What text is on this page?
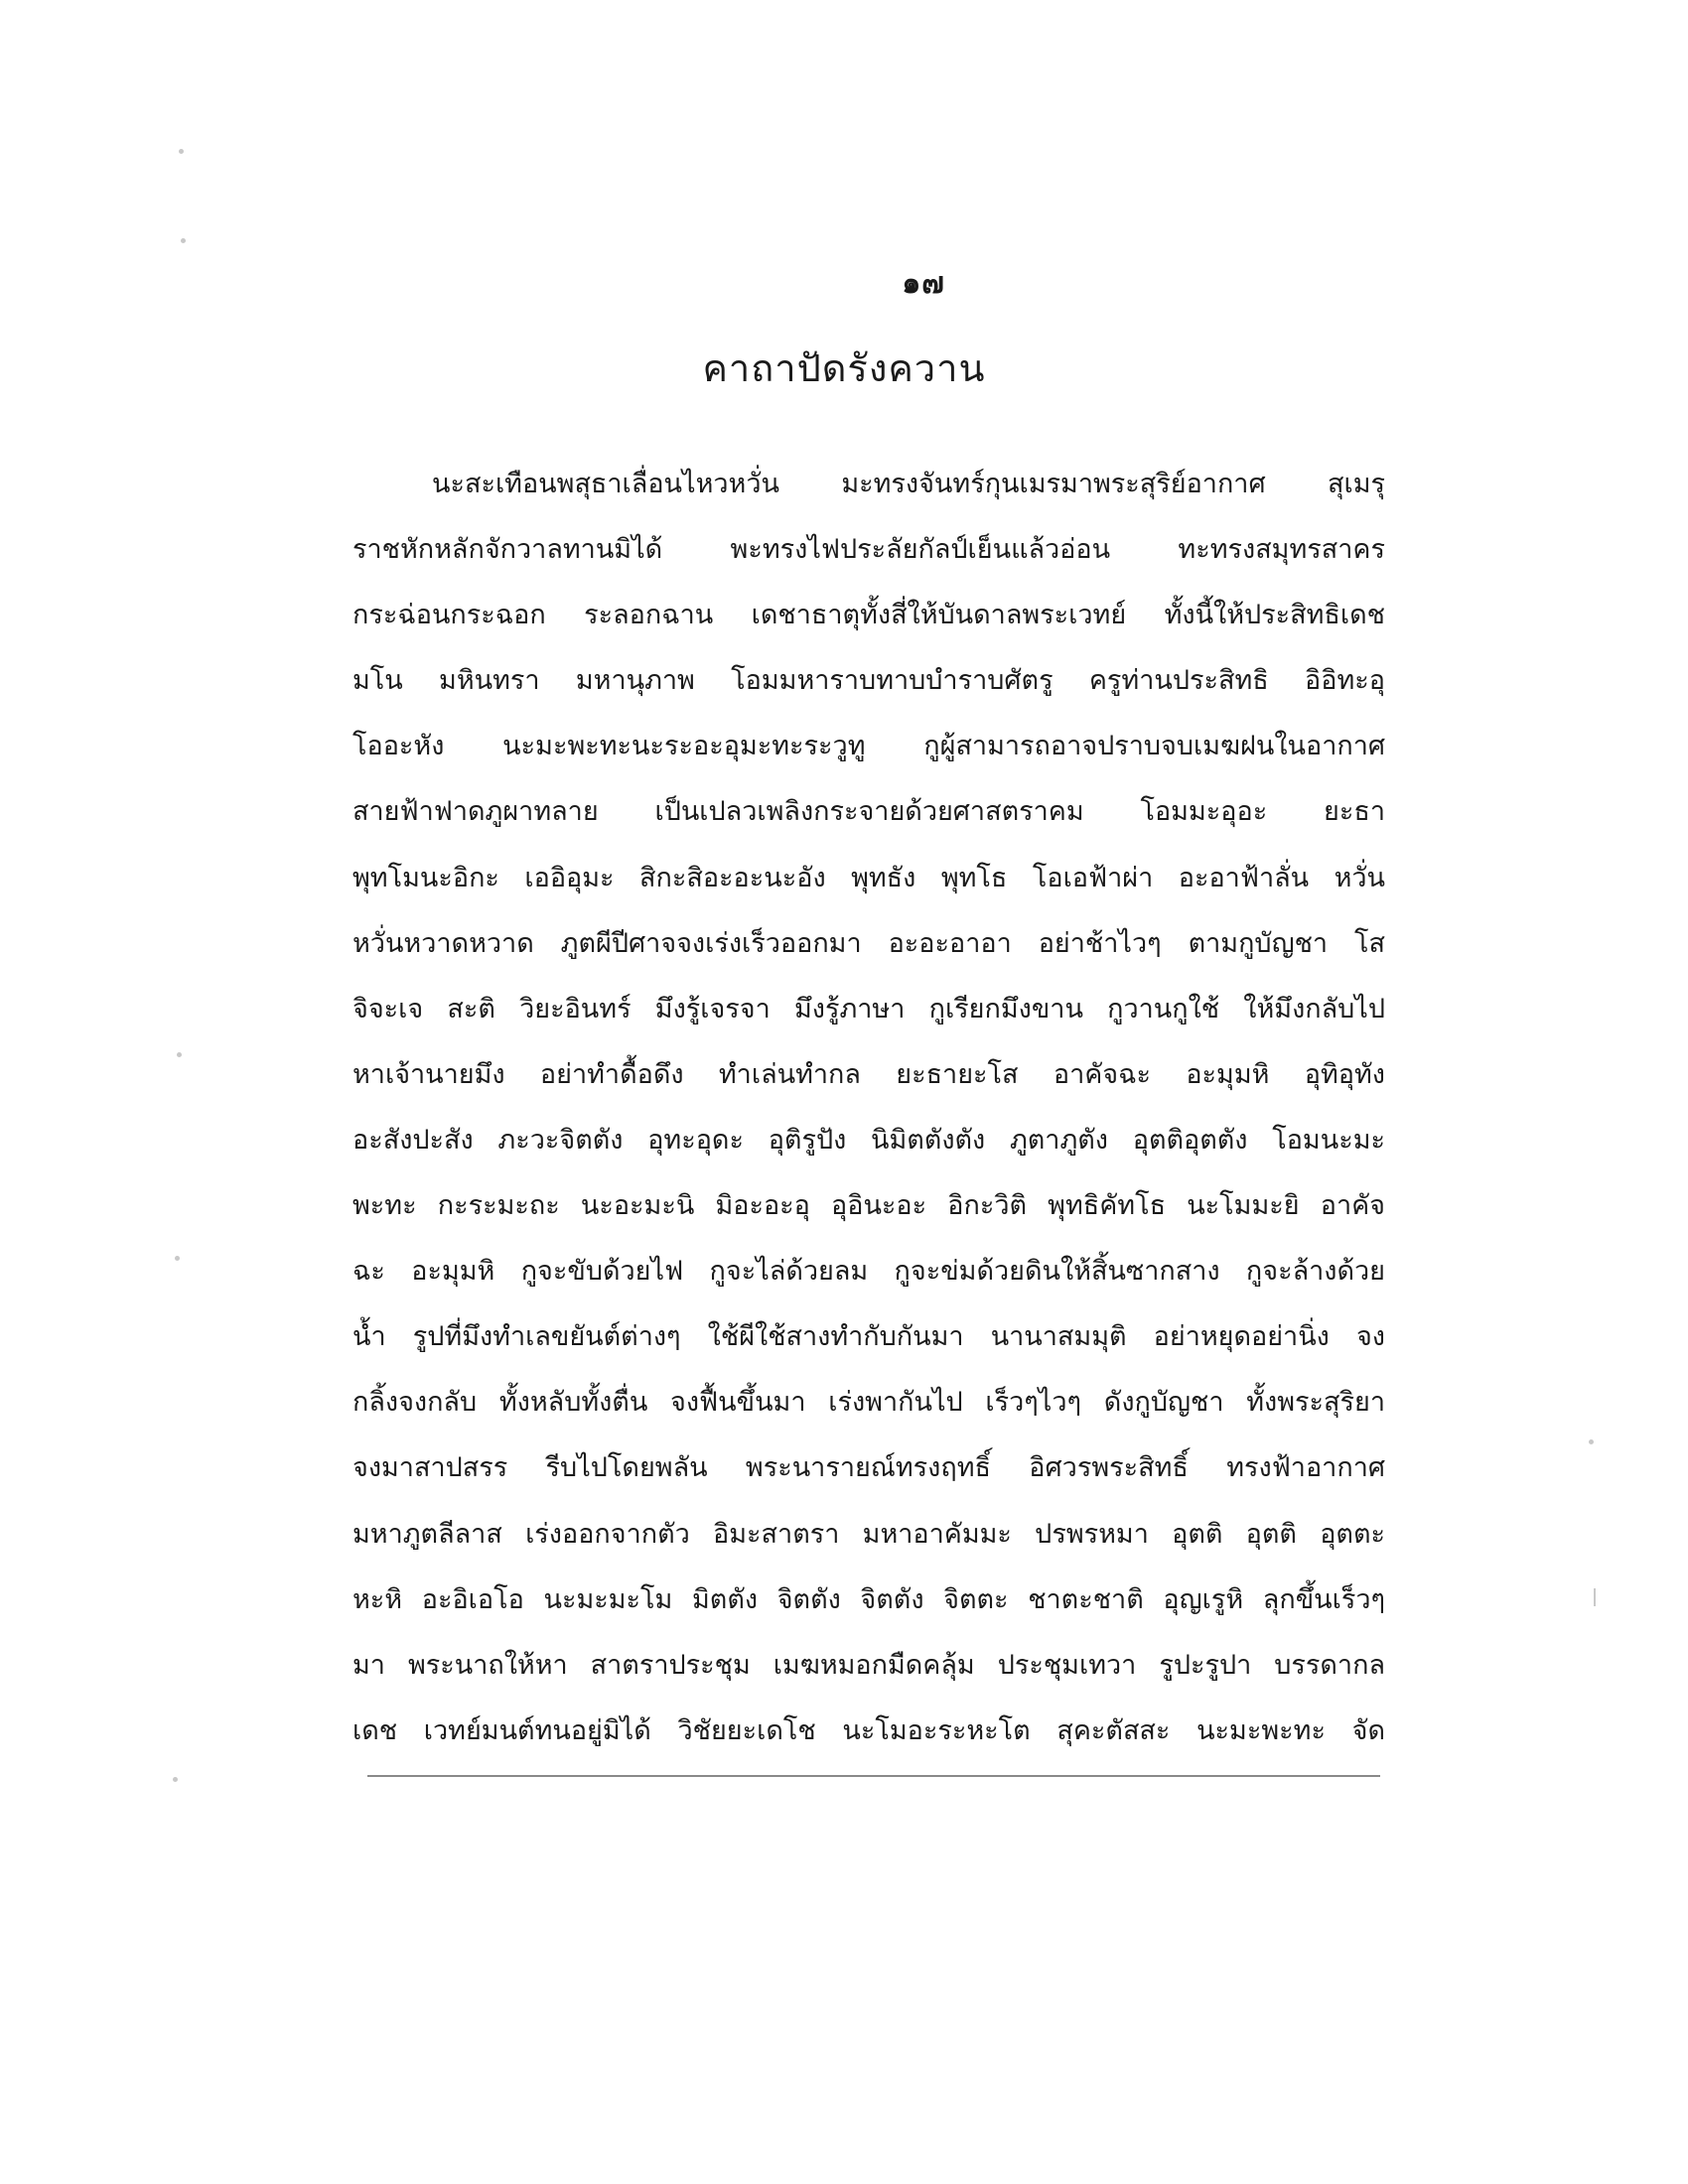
๑๗
คาถาปัดรังควาน
นะสะเทือนพสุธาเลื่อนไหวหวั่น มะทรงจันทร์กุนเมรมาพระสุริย์อากาศ สุเมรุ
ราชหักหลักจักวาลทานมิได้ พะทรงไฟประลัยกัลป์เย็นแล้วอ่อน ทะทรงสมุทรสาคร
กระฉ่อนกระฉอก ระลอกฉาน เดชาธาตุทั้งสี่ให้บันดาลพระเวทย์ ทั้งนี้ให้ประสิทธิเดช
มโน มหินทรา มหานุภาพ โอมมหาราบทาบบำราบศัตรู ครูท่านประสิทธิ อิอิทะอุ
โออะหัง นะมะพะทะนะระอะอุมะทะระวูทู กูผู้สามารถอาจปราบจบเมฆฝนในอากาศ
สายฟ้าฟาดภูผาทลาย เป็นเปลวเพลิงกระจายด้วยศาสตราคม โอมมะอุอะ ยะธา
พุทโมนะอิกะ เออิอุมะ สิกะสิอะอะนะอัง พุทธัง พุทโธ โอเอฟ้าผ่า อะอาฟ้าลั่น หวั่น
หวั่นหวาดหวาด ภูตผีปีศาจจงเร่งเร็วออกมา อะอะอาอา อย่าช้าไวๆ ตามกูบัญชา โส
จิจะเจ สะติ วิยะอินทร์ มึงรู้เจรจา มึงรู้ภาษา กูเรียกมึงขาน กูวานกูใช้ ให้มึงกลับไป
หาเจ้านายมึง อย่าทำดื้อดึง ทำเล่นทำกล ยะธายะโส อาคัจฉะ อะมุมหิ อุทิอุทัง
อะสังปะสัง ภะวะจิตตัง อุทะอุดะ อุติรูปัง นิมิตตังตัง ภูตาภูตัง อุตติอุตตัง โอมนะมะ
พะทะ กะระมะถะ นะอะมะนิ มิอะอะอุ อุอินะอะ อิกะวิติ พุทธิคัทโธ นะโมมะยิ อาคัจ
ฉะ อะมุมหิ กูจะขับด้วยไฟ กูจะไล่ด้วยลม กูจะข่มด้วยดินให้สิ้นซากสาง กูจะล้างด้วย
น้ำ รูปที่มึงทำเลขยันต์ต่างๆ ใช้ผีใช้สางทำกับกันมา นานาสมมุติ อย่าหยุดอย่านิ่ง จง
กลิ้งจงกลับ ทั้งหลับทั้งตื่น จงฟื้นขึ้นมา เร่งพากันไป เร็วๆไวๆ ดังกูบัญชา ทั้งพระสุริยา
จงมาสาปสรร รีบไปโดยพลัน พระนารายณ์ทรงฤทธิ์ อิศวรพระสิทธิ์ ทรงฟ้าอากาศ
มหาภูตลีลาส เร่งออกจากตัว อิมะสาตรา มหาอาคัมมะ ปรพรหมา อุตติ อุตติ อุตตะ
หะหิ อะอิเอโอ นะมะมะโม มิตตัง จิตตัง จิตตัง จิตตะ ชาตะชาติ อุญเรูหิ ลุกขึ้นเร็วๆ
มา พระนาถให้หา สาตราประชุม เมฆหมอกมืดคลุ้ม ประชุมเทวา รูปะรูปา บรรดากล
เดช เวทย์มนต์ทนอยู่มิได้ วิชัยยะเดโช นะโมอะระหะโต สุคะตัสสะ นะมะพะทะ จัด
